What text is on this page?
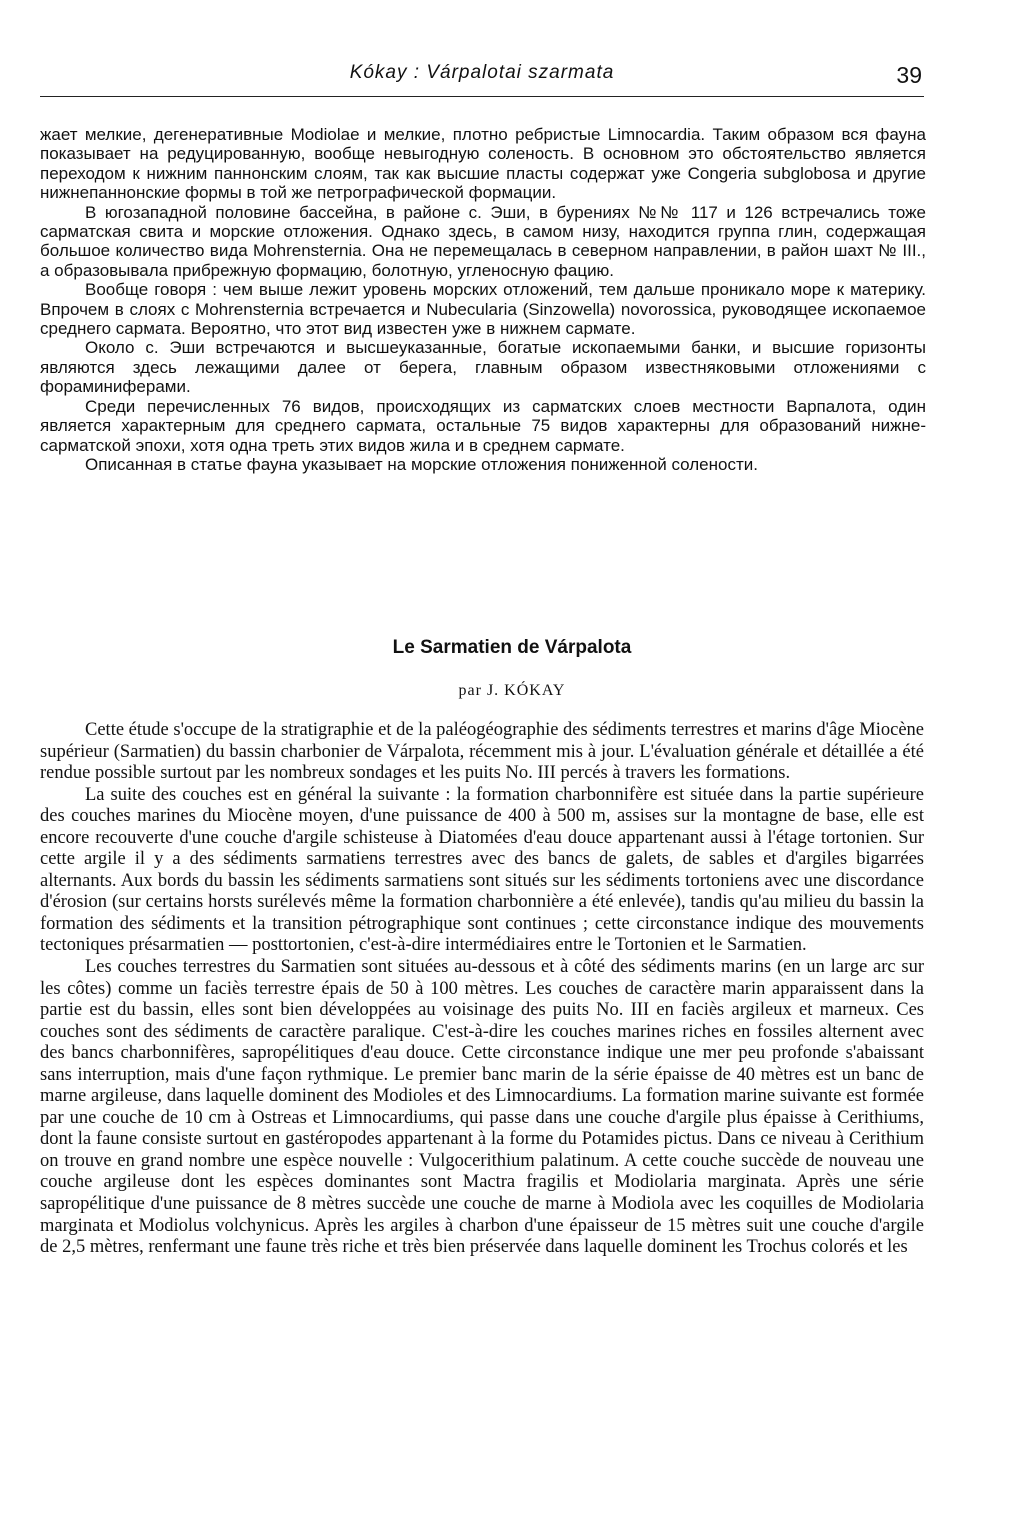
Kókay : Várpalotai szarmata	39

жает мелкие, дегенеративные Modiolae и мелкие, плотно ребристые Limnocardia. Таким образом вся фауна показывает на редуцированную, вообще невыгодную соленость. В основном это обстоятельство является переходом к нижним паннонским слоям, так как высшие пласты содержат уже Congeria subglobosa и другие нижнепаннонские формы в той же петрографической формации.

В югозападной половине бассейна, в районе с. Эши, в бурениях №№ 117 и 126 встречались тоже сарматская свита и морские отложения. Однако здесь, в самом низу, находится группа глин, содержащая большое количество вида Mohrensternia. Она не перемещалась в северном направлении, в район шахт № III., а образовывала прибрежную формацию, болотную, угленосную фацию.

Вообще говоря : чем выше лежит уровень морских отложений, тем дальше проникало море к материку. Впрочем в слоях с Mohrensternia встречается и Nubecularia (Sinzowella) novorossica, руководящее ископаемое среднего сармата. Вероятно, что этот вид известен уже в нижнем сармате.

Около с. Эши встречаются и высшеуказанные, богатые ископаемыми банки, и высшие горизонты являются здесь лежащими далее от берега, главным образом известняковыми отложениями с фораминиферами.

Среди перечисленных 76 видов, происходящих из сарматских слоев местности Варпалота, один является характерным для среднего сармата, остальные 75 видов характерны для образований нижне-сарматской эпохи, хотя одна треть этих видов жила и в среднем сармате.

Описанная в статье фауна указывает на морские отложения пониженной солености.

Le Sarmatien de Várpalota
par J. KÓKAY

Cette étude s'occupe de la stratigraphie et de la paléogéographie des sédiments terrestres et marins d'âge Miocène supérieur (Sarmatien) du bassin charbonier de Várpalota, récemment mis à jour. L'évaluation générale et détaillée a été rendue possible surtout par les nombreux sondages et les puits No. III percés à travers les formations.

La suite des couches est en général la suivante : la formation charbonnifère est située dans la partie supérieure des couches marines du Miocène moyen, d'une puissance de 400 à 500 m, assises sur la montagne de base, elle est encore recouverte d'une couche d'argile schisteuse à Diatomées d'eau douce appartenant aussi à l'étage tortonien. Sur cette argile il y a des sédiments sarmatiens terrestres avec des bancs de galets, de sables et d'argiles bigarrées alternants. Aux bords du bassin les sédiments sarmatiens sont situés sur les sédiments tortoniens avec une discordance d'érosion (sur certains horsts surélevés même la formation charbonnière a été enlevée), tandis qu'au milieu du bassin la formation des sédiments et la transition pétrographique sont continues ; cette circonstance indique des mouvements tectoniques présarmatien — posttortonien, c'est-à-dire intermédiaires entre le Tortonien et le Sarmatien.

Les couches terrestres du Sarmatien sont situées au-dessous et à côté des sédiments marins (en un large arc sur les côtes) comme un faciès terrestre épais de 50 à 100 mètres. Les couches de caractère marin apparaissent dans la partie est du bassin, elles sont bien développées au voisinage des puits No. III en faciès argileux et marneux. Ces couches sont des sédiments de caractère paralique. C'est-à-dire les couches marines riches en fossiles alternent avec des bancs charbonnifères, sapropélitiques d'eau douce. Cette circonstance indique une mer peu profonde s'abaissant sans interruption, mais d'une façon rythmique. Le premier banc marin de la série épaisse de 40 mètres est un banc de marne argileuse, dans laquelle dominent des Modioles et des Limnocardiums. La formation marine suivante est formée par une couche de 10 cm à Ostreas et Limnocardiums, qui passe dans une couche d'argile plus épaisse à Cerithiums, dont la faune consiste surtout en gastéropodes appartenant à la forme du Potamides pictus. Dans ce niveau à Cerithium on trouve en grand nombre une espèce nouvelle : Vulgocerithium palatinum. A cette couche succède de nouveau une couche argileuse dont les espèces dominantes sont Mactra fragilis et Modiolaria marginata. Après une série sapropélitique d'une puissance de 8 mètres succède une couche de marne à Modiola avec les coquilles de Modiolaria marginata et Modiolus volchynicus. Après les argiles à charbon d'une épaisseur de 15 mètres suit une couche d'argile de 2,5 mètres, renfermant une faune très riche et très bien préservée dans laquelle dominent les Trochus colorés et les
